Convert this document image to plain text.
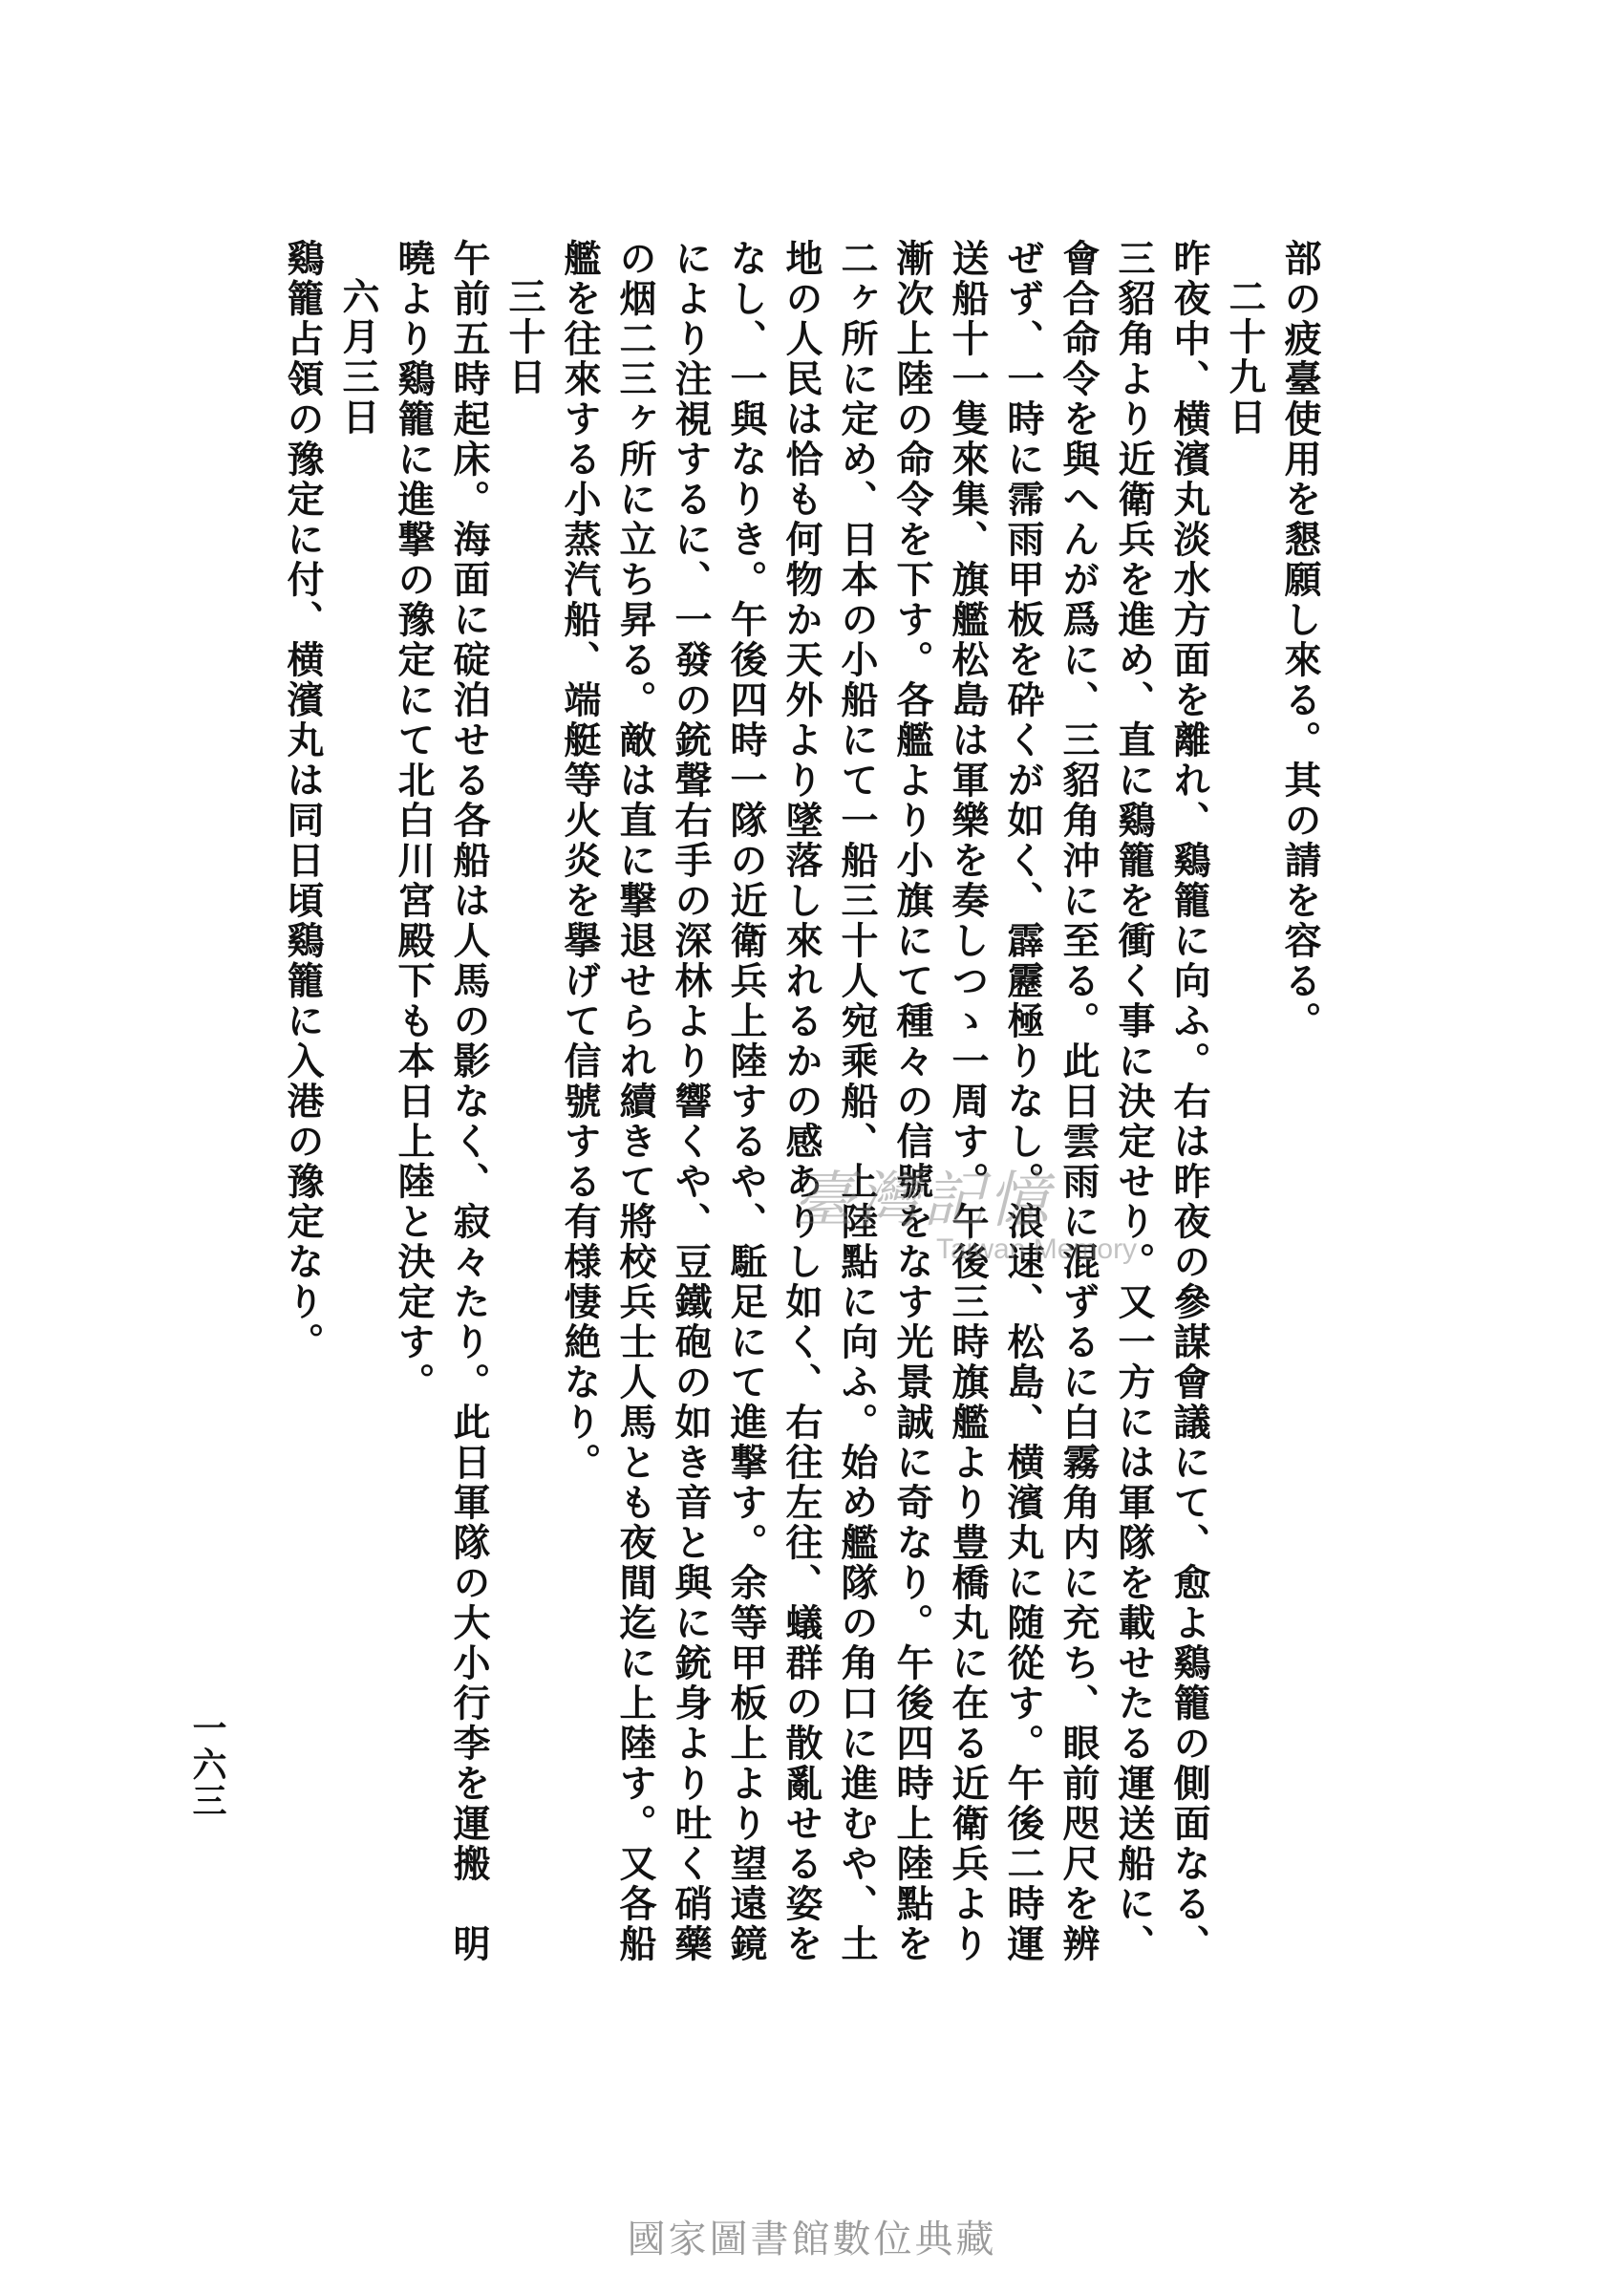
部の疲臺使用を懇願し來る。其の請を容る。

二十九日

昨夜中、横濱丸淡水方面を離れ、鷄籠に向ふ。右は昨夜の參謀會議にて、愈よ鷄籠の側面なる、三貂角より近衛兵を進め、直に鷄籠を衝く事に決定せり。又一方には軍隊を載せたる運送船に、會合命令を與へんが爲に、三貂角沖に至る。此日雲雨に混ずるに白霧角内に充ち、眼前咫尺を辨ぜず、一時に霈雨甲板を砕くが如く、霹靂極りなし。浪速、松島、横濱丸に随從す。午後二時運送船十一隻來集、旗艦松島は軍樂を奏しつゝ一周す。午後三時旗艦より豊橋丸に在る近衛兵より漸次上陸の命令を下す。各艦より小旗にて種々の信號をなす光景誠に奇なり。午後四時上陸點を二ヶ所に定め、日本の小船にて一船三十人宛乘船、上陸點に向ふ。始め艦隊の角口に進むや、土地の人民は恰も何物か天外より墜落し來れるかの感ありし如く、右往左往、蟻群の散亂せる姿をなし、一與なりき。午後四時一隊の近衛兵上陸するや、駈足にて進撃す。余等甲板上より望遠鏡により注視するに、一發の銃聲右手の深林より響くや、豆鐵砲の如き音と與に銃身より吐く硝藥の烟二三ヶ所に立ち昇る。敵は直に撃退せられ續きて將校兵士人馬とも夜間迄に上陸す。又各船艦を往來する小蒸汽船、端艇等火炎を擧げて信號する有様悽絶なり。

三十日

午前五時起床。海面に碇泊せる各船は人馬の影なく、寂々たり。此日軍隊の大小行李を運搬　明曉より鷄籠に進撃の豫定にて北白川宮殿下も本日上陸と決定す。

六月三日

鷄籠占領の豫定に付、横濱丸は同日頃鷄籠に入港の豫定なり。

一六三
臺灣記憶
Taiwan Memory
國家圖書館數位典藏
